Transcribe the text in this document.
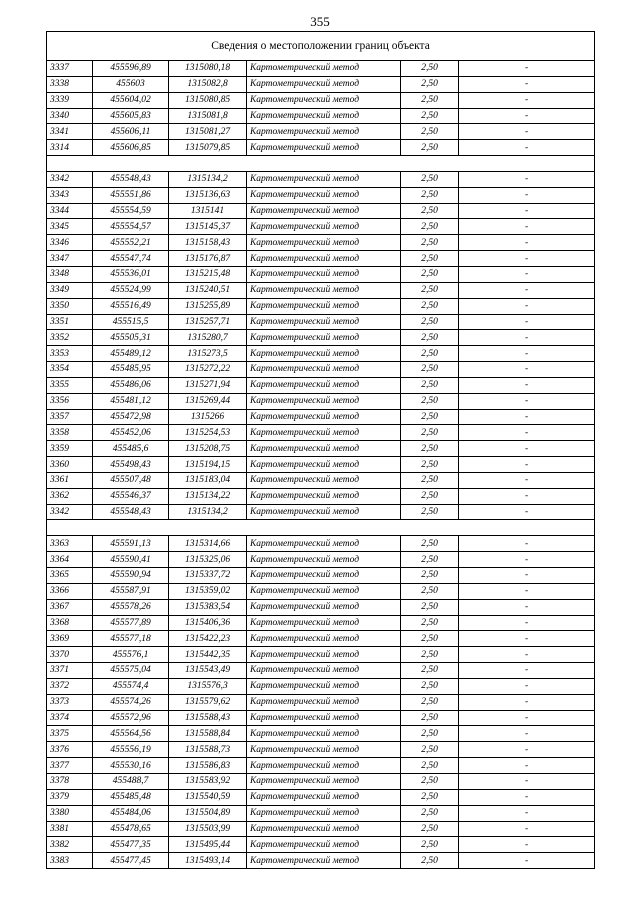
355
Сведения о местоположении границ объекта					
3337	455596,89	1315080,18	Картометрический метод	2,50	-
3338	455603	1315082,8	Картометрический метод	2,50	-
3339	455604,02	1315080,85	Картометрический метод	2,50	-
3340	455605,83	1315081,8	Картометрический метод	2,50	-
3341	455606,11	1315081,27	Картометрический метод	2,50	-
3314	455606,85	1315079,85	Картометрический метод	2,50	-

3342	455548,43	1315134,2	Картометрический метод	2,50	-
3343	455551,86	1315136,63	Картометрический метод	2,50	-
3344	455554,59	1315141	Картометрический метод	2,50	-
3345	455554,57	1315145,37	Картометрический метод	2,50	-
3346	455552,21	1315158,43	Картометрический метод	2,50	-
3347	455547,74	1315176,87	Картометрический метод	2,50	-
3348	455536,01	1315215,48	Картометрический метод	2,50	-
3349	455524,99	1315240,51	Картометрический метод	2,50	-
3350	455516,49	1315255,89	Картометрический метод	2,50	-
3351	455515,5	1315257,71	Картометрический метод	2,50	-
3352	455505,31	1315280,7	Картометрический метод	2,50	-
3353	455489,12	1315273,5	Картометрический метод	2,50	-
3354	455485,95	1315272,22	Картометрический метод	2,50	-
3355	455486,06	1315271,94	Картометрический метод	2,50	-
3356	455481,12	1315269,44	Картометрический метод	2,50	-
3357	455472,98	1315266	Картометрический метод	2,50	-
3358	455452,06	1315254,53	Картометрический метод	2,50	-
3359	455485,6	1315208,75	Картометрический метод	2,50	-
3360	455498,43	1315194,15	Картометрический метод	2,50	-
3361	455507,48	1315183,04	Картометрический метод	2,50	-
3362	455546,37	1315134,22	Картометрический метод	2,50	-
3342	455548,43	1315134,2	Картометрический метод	2,50	-

3363	455591,13	1315314,66	Картометрический метод	2,50	-
3364	455590,41	1315325,06	Картометрический метод	2,50	-
3365	455590,94	1315337,72	Картометрический метод	2,50	-
3366	455587,91	1315359,02	Картометрический метод	2,50	-
3367	455578,26	1315383,54	Картометрический метод	2,50	-
3368	455577,89	1315406,36	Картометрический метод	2,50	-
3369	455577,18	1315422,23	Картометрический метод	2,50	-
3370	455576,1	1315442,35	Картометрический метод	2,50	-
3371	455575,04	1315543,49	Картометрический метод	2,50	-
3372	455574,4	1315576,3	Картометрический метод	2,50	-
3373	455574,26	1315579,62	Картометрический метод	2,50	-
3374	455572,96	1315588,43	Картометрический метод	2,50	-
3375	455564,56	1315588,84	Картометрический метод	2,50	-
3376	455556,19	1315588,73	Картометрический метод	2,50	-
3377	455530,16	1315586,83	Картометрический метод	2,50	-
3378	455488,7	1315583,92	Картометрический метод	2,50	-
3379	455485,48	1315540,59	Картометрический метод	2,50	-
3380	455484,06	1315504,89	Картометрический метод	2,50	-
3381	455478,65	1315503,99	Картометрический метод	2,50	-
3382	455477,35	1315495,44	Картометрический метод	2,50	-
3383	455477,45	1315493,14	Картометрический метод	2,50	-
